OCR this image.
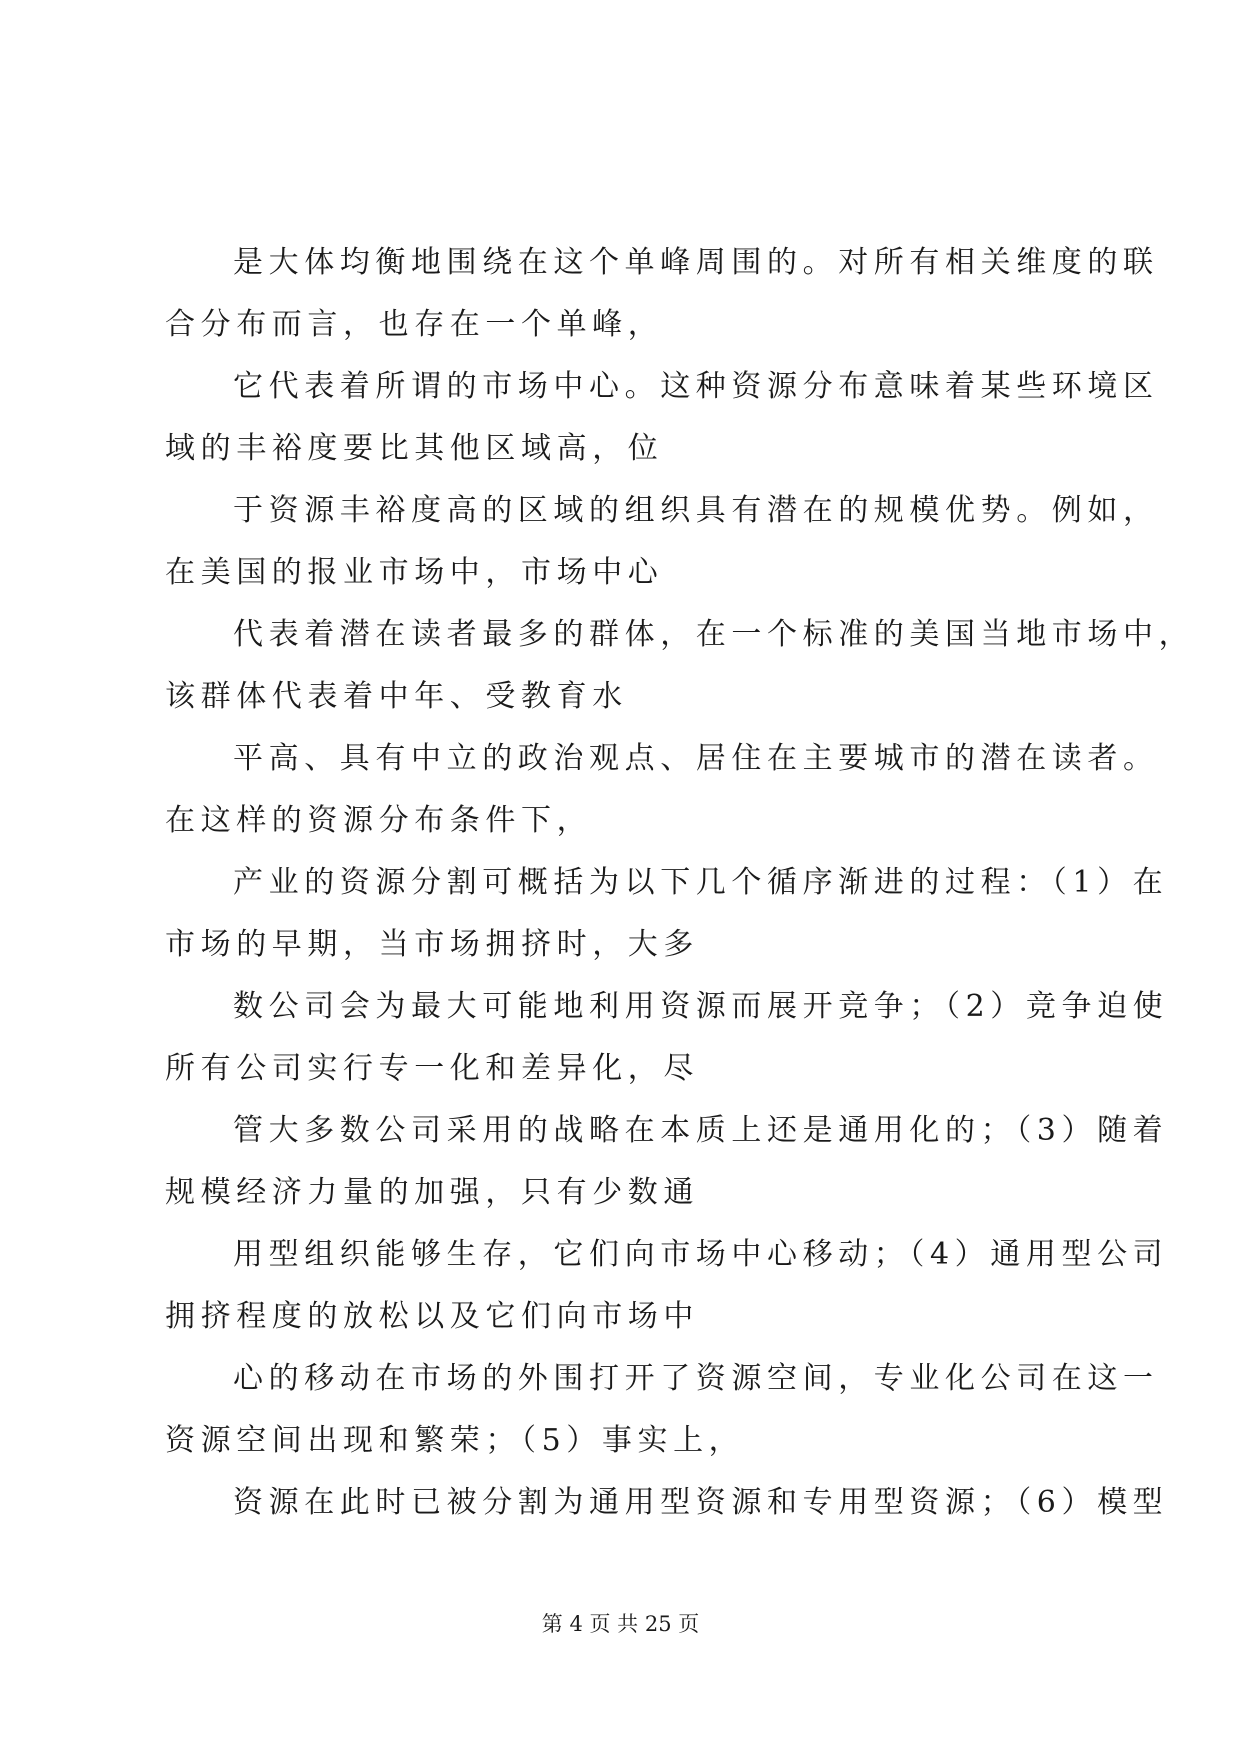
是大体均衡地围绕在这个单峰周围的。对所有相关维度的联
合分布而言，也存在一个单峰，

它代表着所谓的市场中心。这种资源分布意味着某些环境区
域的丰裕度要比其他区域高，位

于资源丰裕度高的区域的组织具有潜在的规模优势。例如，
在美国的报业市场中，市场中心

代表着潜在读者最多的群体，在一个标准的美国当地市场中，
该群体代表着中年、受教育水

平高、具有中立的政治观点、居住在主要城市的潜在读者。
在这样的资源分布条件下，

产业的资源分割可概括为以下几个循序渐进的过程：（1）在
市场的早期，当市场拥挤时，大多

数公司会为最大可能地利用资源而展开竞争；（2）竞争迫使
所有公司实行专一化和差异化，尽

管大多数公司采用的战略在本质上还是通用化的；（3）随着
规模经济力量的加强，只有少数通

用型组织能够生存，它们向市场中心移动；（4）通用型公司
拥挤程度的放松以及它们向市场中

心的移动在市场的外围打开了资源空间，专业化公司在这一
资源空间出现和繁荣；（5）事实上，

资源在此时已被分割为通用型资源和专用型资源；（6）模型

第 4 页 共 25 页
